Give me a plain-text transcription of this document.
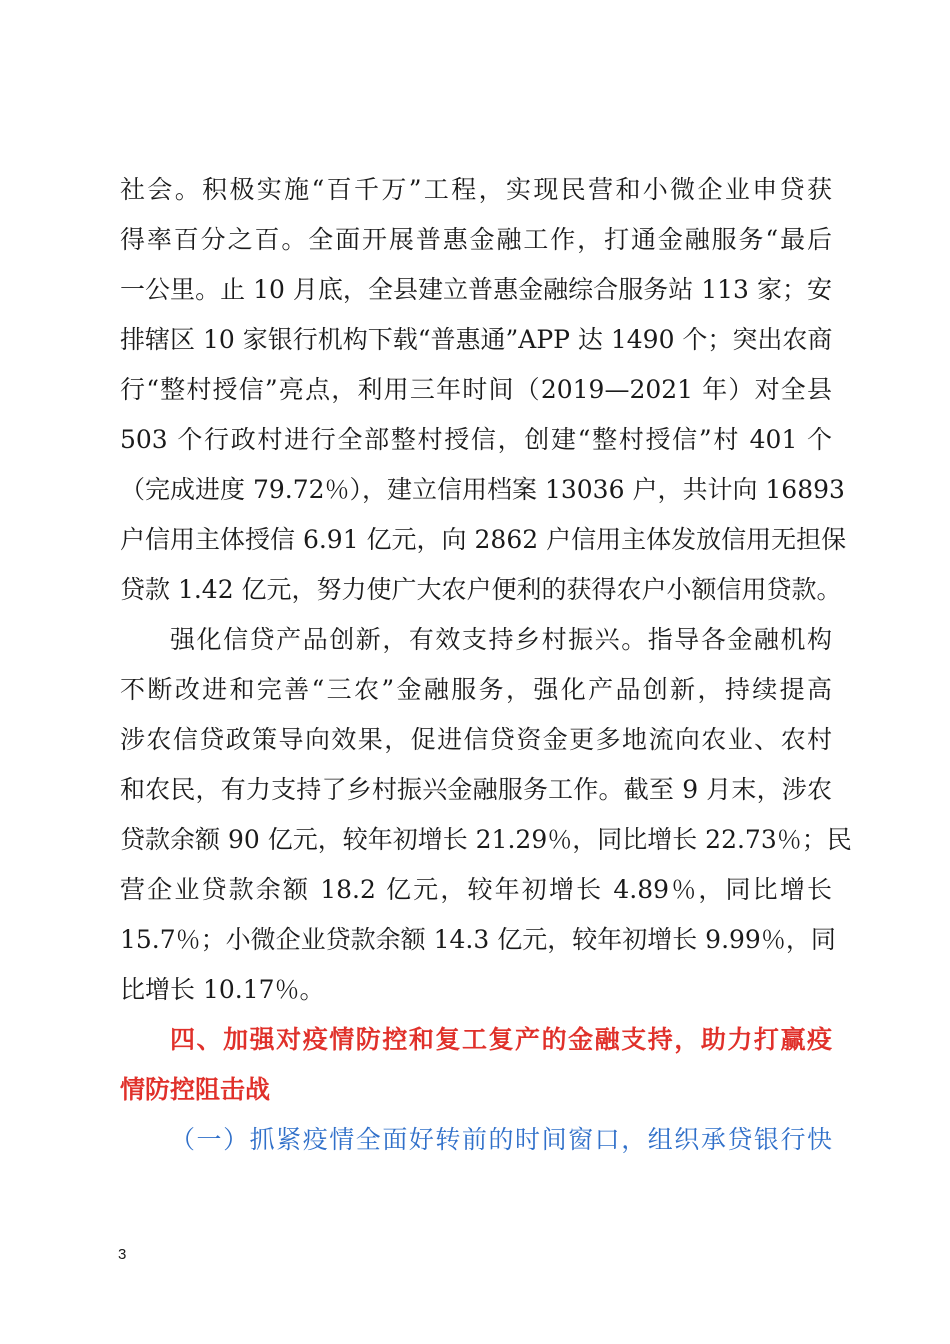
社会。积极实施“百千万”工程，实现民营和小微企业申贷获
得率百分之百。全面开展普惠金融工作，打通金融服务“最后
一公里。止 10 月底，全县建立普惠金融综合服务站 113 家；安
排辖区 10 家银行机构下载“普惠通”APP 达 1490 个；突出农商
行“整村授信”亮点，利用三年时间（2019—2021 年）对全县
503 个行政村进行全部整村授信，创建“整村授信”村 401 个
（完成进度 79.72％），建立信用档案 13036 户，共计向 16893
户信用主体授信 6.91 亿元，向 2862 户信用主体发放信用无担保
贷款 1.42 亿元，努力使广大农户便利的获得农户小额信用贷款。
强化信贷产品创新，有效支持乡村振兴。指导各金融机构
不断改进和完善“三农”金融服务，强化产品创新，持续提高
涉农信贷政策导向效果，促进信贷资金更多地流向农业、农村
和农民，有力支持了乡村振兴金融服务工作。截至 9 月末，涉农
贷款余额 90 亿元，较年初增长 21.29％，同比增长 22.73％；民
营企业贷款余额 18.2 亿元，较年初增长 4.89％，同比增长
15.7％；小微企业贷款余额 14.3 亿元，较年初增长 9.99％，同
比增长 10.17％。
四、加强对疫情防控和复工复产的金融支持，助力打赢疫
情防控阻击战
（一）抓紧疫情全面好转前的时间窗口，组织承贷银行快
3
